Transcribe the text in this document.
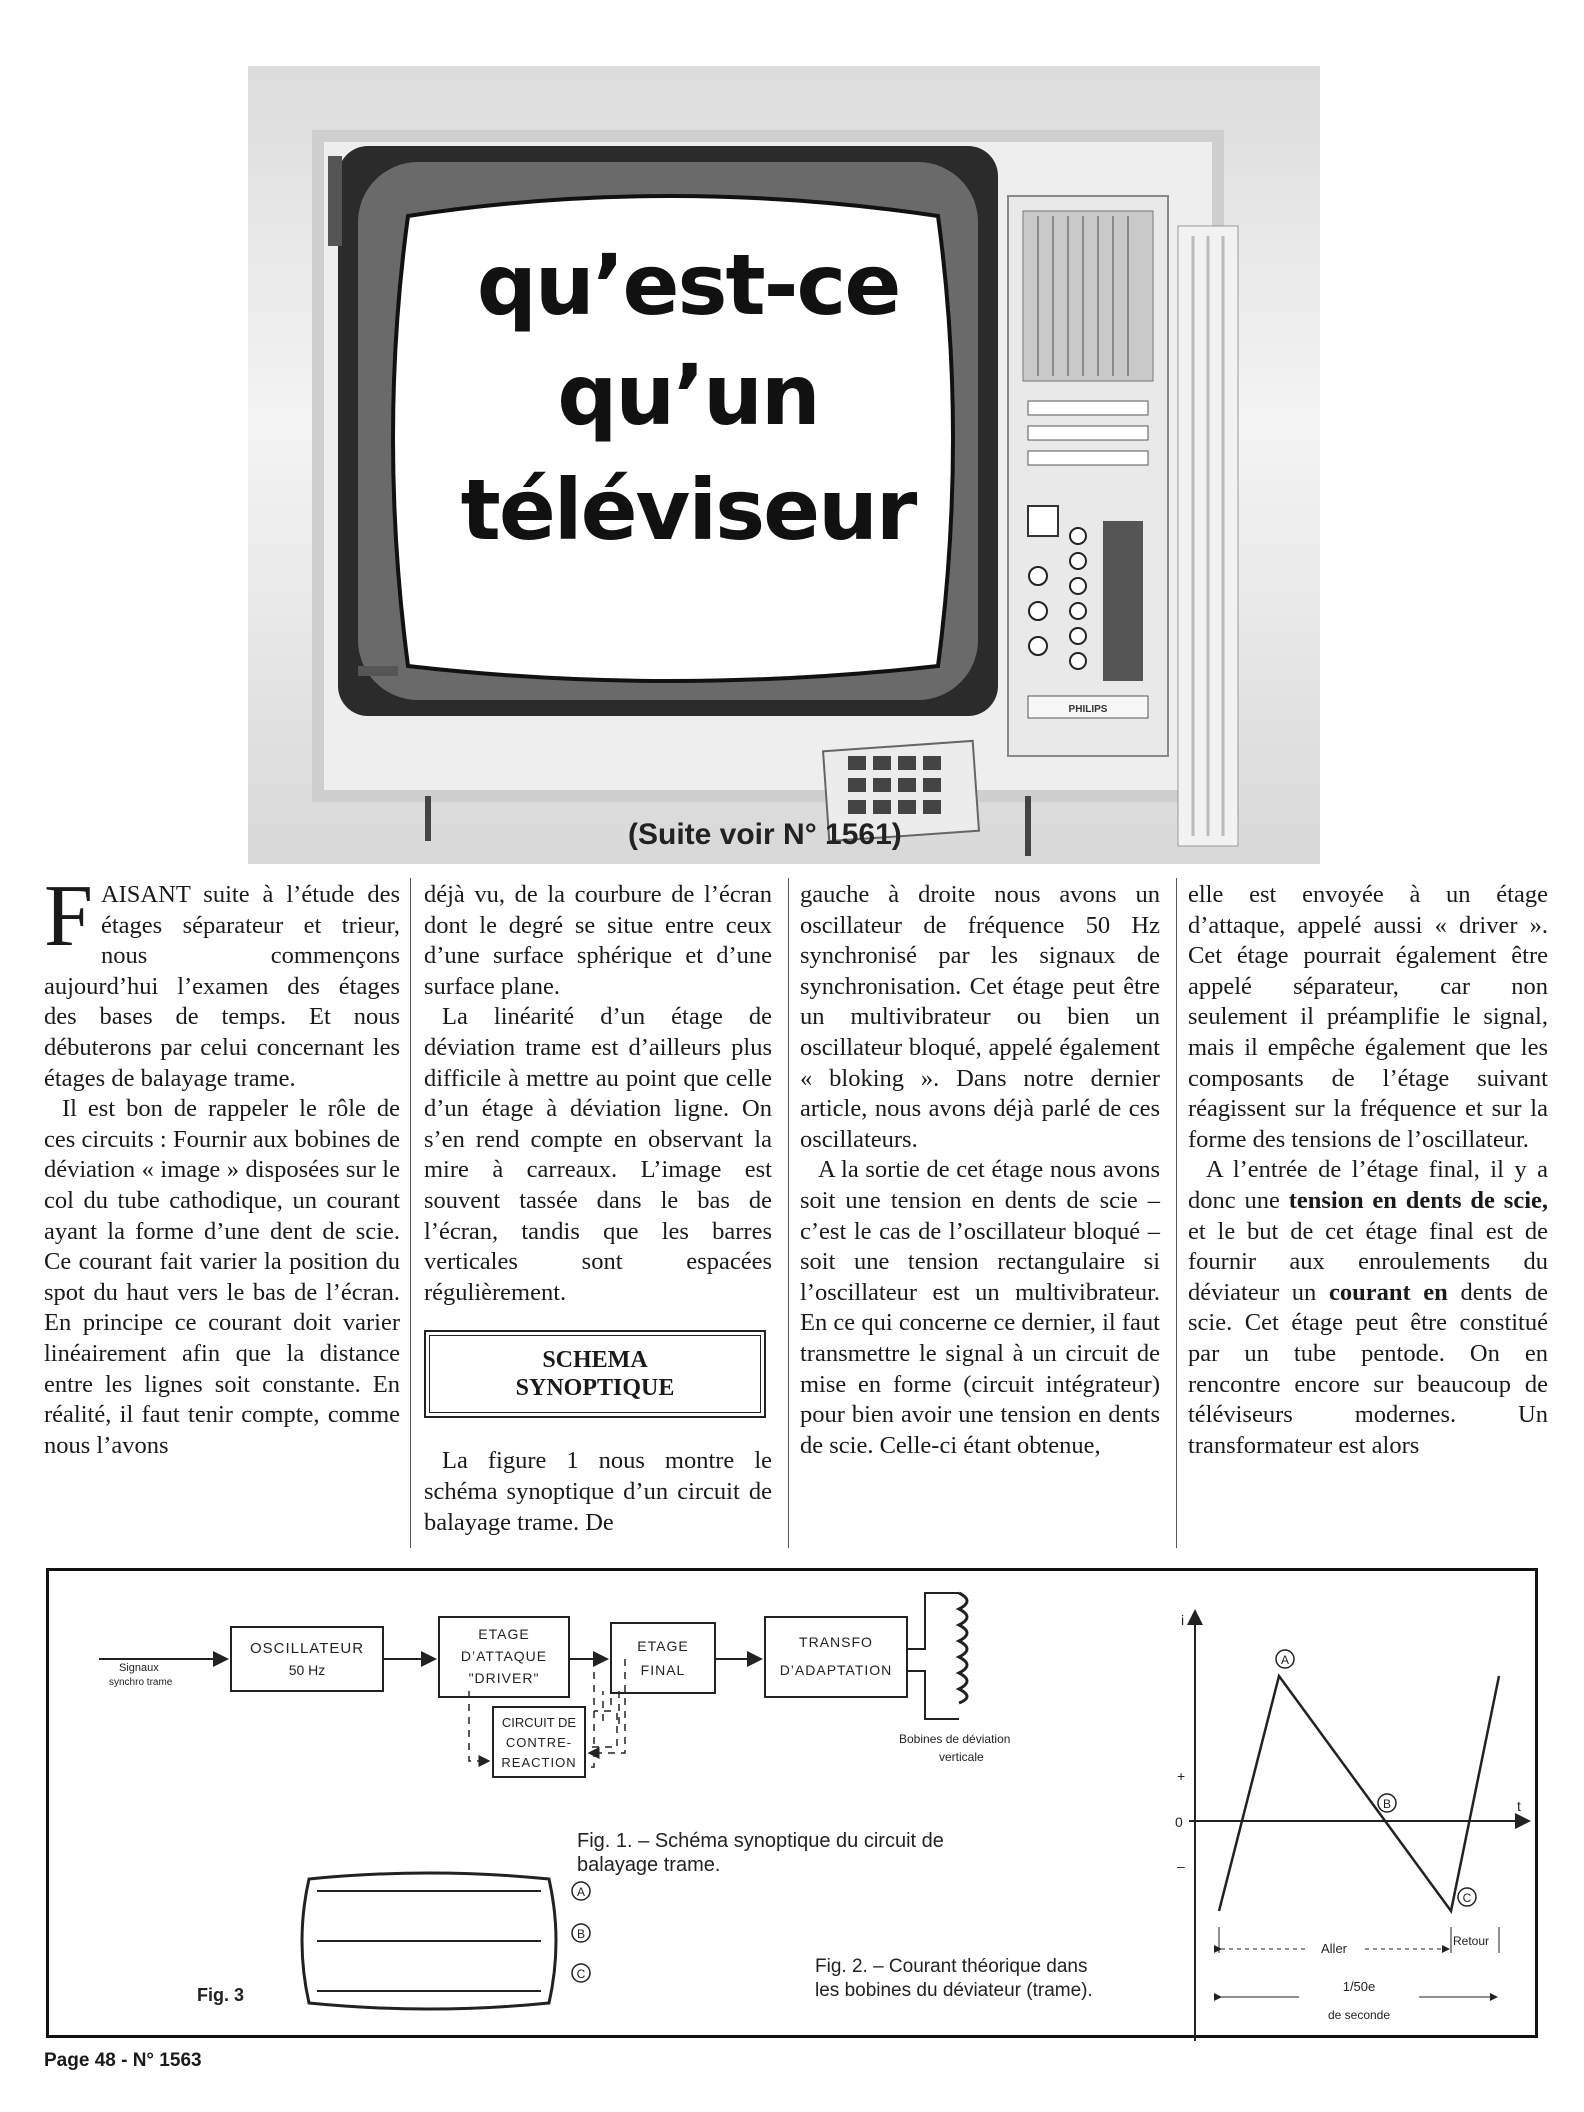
PHILIPS
qu’est-ce
qu’un
téléviseur
(Suite voir N° 1561)

FAISANT suite à l’étude des étages séparateur et trieur, nous commençons aujourd’hui l’examen des étages des bases de temps. Et nous débuterons par celui concernant les étages de balayage trame.

Il est bon de rappeler le rôle de ces circuits : Fournir aux bobines de déviation « image » disposées sur le col du tube cathodique, un courant ayant la forme d’une dent de scie. Ce courant fait varier la position du spot du haut vers le bas de l’écran. En principe ce courant doit varier linéairement afin que la distance entre les lignes soit constante. En réalité, il faut tenir compte, comme nous l’avons

déjà vu, de la courbure de l’écran dont le degré se situe entre ceux d’une surface sphérique et d’une surface plane.

La linéarité d’un étage de déviation trame est d’ailleurs plus difficile à mettre au point que celle d’un étage à déviation ligne. On s’en rend compte en observant la mire à carreaux. L’image est souvent tassée dans le bas de l’écran, tandis que les barres verticales sont espacées régulièrement.

SCHEMA
SYNOPTIQUE

La figure 1 nous montre le schéma synoptique d’un circuit de balayage trame. De

gauche à droite nous avons un oscillateur de fréquence 50 Hz synchronisé par les signaux de synchronisation. Cet étage peut être un multivibrateur ou bien un oscillateur bloqué, appelé également « bloking ». Dans notre dernier article, nous avons déjà parlé de ces oscillateurs.

A la sortie de cet étage nous avons soit une tension en dents de scie – c’est le cas de l’oscillateur bloqué – soit une tension rectangulaire si l’oscillateur est un multivibrateur. En ce qui concerne ce dernier, il faut transmettre le signal à un circuit de mise en forme (circuit intégrateur) pour bien avoir une tension en dents de scie. Celle-ci étant obtenue,

elle est envoyée à un étage d’attaque, appelé aussi « driver ». Cet étage pourrait également être appelé séparateur, car non seulement il préamplifie le signal, mais il empêche également que les composants de l’étage suivant réagissent sur la fréquence et sur la forme des tensions de l’oscillateur.

A l’entrée de l’étage final, il y a donc une tension en dents de scie, et le but de cet étage final est de fournir aux enroulements du déviateur un courant en dents de scie. Cet étage peut être constitué par un tube pentode. On en rencontre encore sur beaucoup de téléviseurs modernes. Un transformateur est alors

Signaux
synchro trame
OSCILLATEUR
50 Hz
ETAGE
D’ATTAQUE
"DRIVER"
ETAGE
FINAL
TRANSFO
D’ADAPTATION
Bobines de déviation
verticale
CIRCUIT DE
CONTRE-
REACTION
A
B
C
Fig. 3
i
t
+
0
–
A
B
C
Aller	Retour
1/50e
de seconde
Fig. 1. – Schéma synoptique du circuit de
balayage trame.
Fig. 2. – Courant théorique dans
les bobines du déviateur (trame).
Page 48 - N° 1563
